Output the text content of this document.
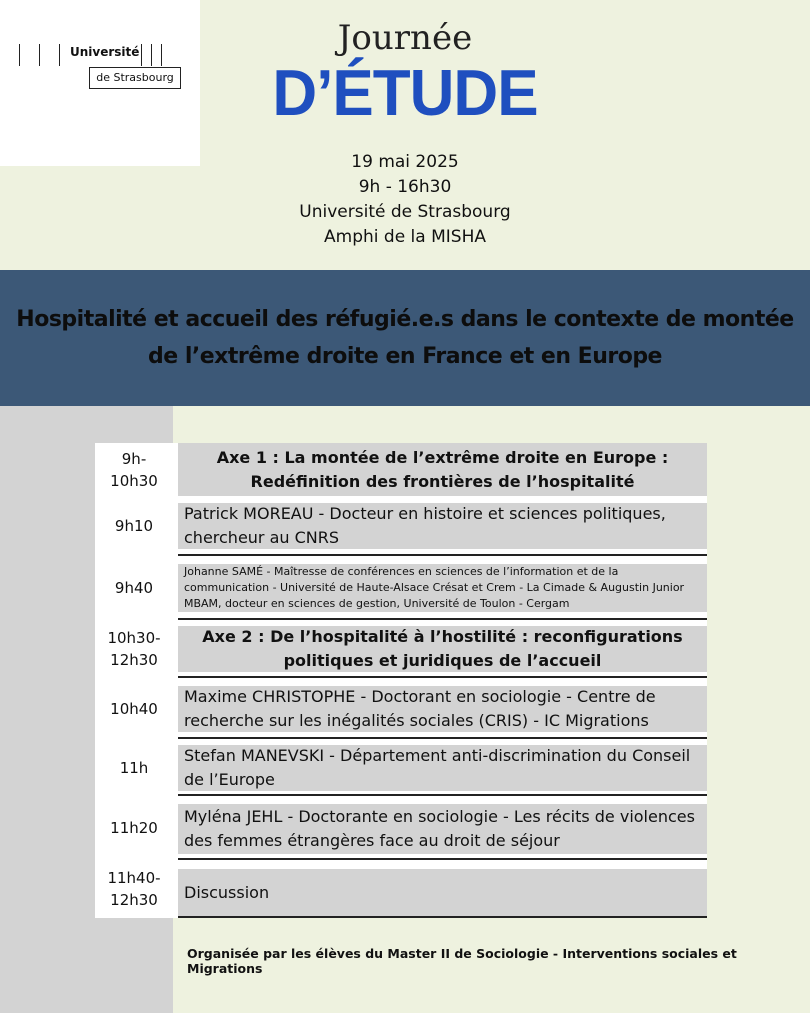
Université
de Strasbourg
Journée
D’ÉTUDE
19 mai 2025
9h - 16h30
Université de Strasbourg
Amphi de la MISHA
Hospitalité et accueil des réfugié.e.s dans le contexte de montée de l’extrême droite en France et en Europe
9h-
10h30
Axe 1 : La montée de l’extrême droite en Europe : Redéfinition des frontières de l’hospitalité
9h10
Patrick MOREAU - Docteur en histoire et sciences politiques, chercheur au CNRS
9h40
Johanne SAMÉ - Maîtresse de conférences en sciences de l’information et de la communication - Université de Haute-Alsace Crésat et Crem - La Cimade & Augustin Junior MBAM, docteur en sciences de gestion, Université de Toulon - Cergam
10h30-
12h30
Axe 2 : De l’hospitalité à l’hostilité : reconfigurations politiques et juridiques de l’accueil
10h40
Maxime CHRISTOPHE - Doctorant en sociologie - Centre de recherche sur les inégalités sociales (CRIS) - IC Migrations
11h
Stefan MANEVSKI - Département anti-discrimination du Conseil de l’Europe
11h20
Myléna JEHL - Doctorante en sociologie - Les récits de violences des femmes étrangères face au droit de séjour
11h40-
12h30	Discussion
Organisée par les élèves du Master II de Sociologie - Interventions sociales et Migrations
